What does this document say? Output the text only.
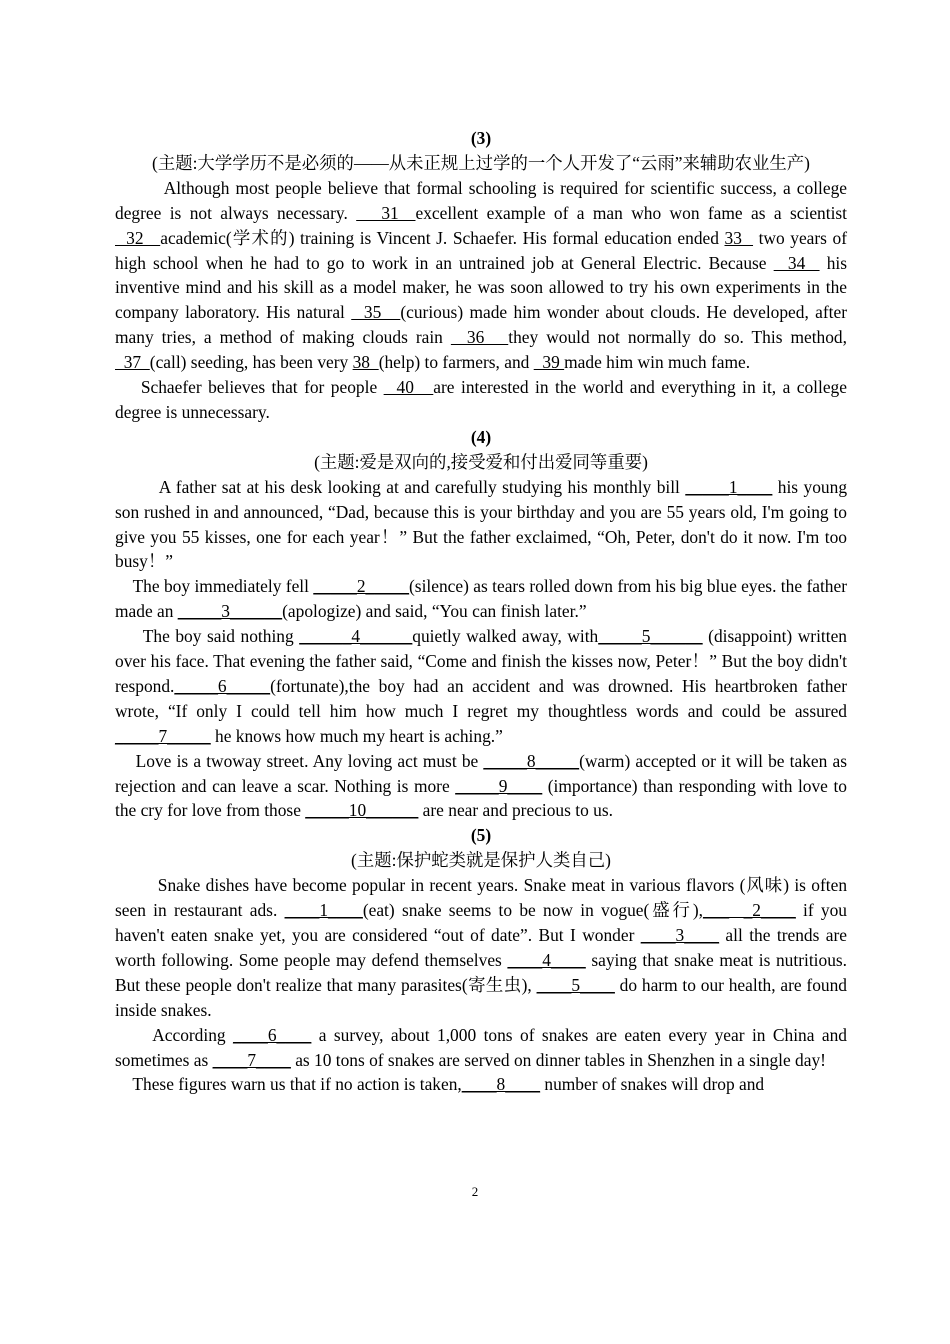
(3)
(主题:大学学历不是必须的——从未正规上过学的一个人开发了“云雨”来辅助农业生产)

Although most people believe that formal schooling is required for scientific success, a college degree is not always necessary.    31  excellent example of a man who won fame as a scientist   32   academic(学术的) training is Vincent J. Schaefer. His formal education ended 33   two years of high school when he had to go to work in an untrained job at General Electric. Because   34   his inventive mind and his skill as a model maker, he was soon allowed to try his own experiments in the company laboratory. His natural   35   (curious) made him wonder about clouds. He developed, after many tries, a method of making clouds rain   36   they would not normally do so. This method,   37  (call) seeding, has been very 38  (help) to farmers, and   39 made him win much fame.

Schaefer believes that for people   40   are interested in the world and everything in it, a college degree is unnecessary.

(4)
(主题:爱是双向的,接受爱和付出爱同等重要)

A father sat at his desk looking at and carefully studying his monthly bill _____1____ his young son rushed in and announced, “Dad, because this is your birthday and you are 55 years old, I'm going to give you 55 kisses, one for each year！” But the father exclaimed, “Oh, Peter, don't do it now. I'm too busy！”

The boy immediately fell _____2_____(silence) as tears rolled down from his big blue eyes. the father made an _____3______(apologize) and said, “You can finish later.”

The boy said nothing ______4______quietly walked away, with_____5______ (disappoint) written over his face. That evening the father said, “Come and finish the kisses now, Peter！” But the boy didn't respond._____6_____(fortunate),the boy had an accident and was drowned. His heartbroken father wrote, “If only I could tell him how much I regret my thoughtless words and could be assured _____7_____ he knows how much my heart is aching.”

Love is a twoway street. Any loving act must be _____8_____(warm) accepted or it will be taken as rejection and can leave a scar. Nothing is more _____9____ (importance) than responding with love to the cry for love from those _____10______ are near and precious to us.

(5)
(主题:保护蛇类就是保护人类自己)

Snake dishes have become popular in recent years. Snake meat in various flavors (风味) is often seen in restaurant ads. ____1____(eat) snake seems to be now in vogue(盛行),___  _2____ if you haven't eaten snake yet, you are considered “out of date”. But I wonder ____3____ all the trends are worth following. Some people may defend themselves ____4____ saying that snake meat is nutritious. But these people don't realize that many parasites(寄生虫), ____5____ do harm to our health, are found inside snakes.

According ____6____ a survey, about 1,000 tons of snakes are eaten every year in China and sometimes as ____7____ as 10 tons of snakes are served on dinner tables in Shenzhen in a single day!

These figures warn us that if no action is taken,____8____ number of snakes will drop and

2
